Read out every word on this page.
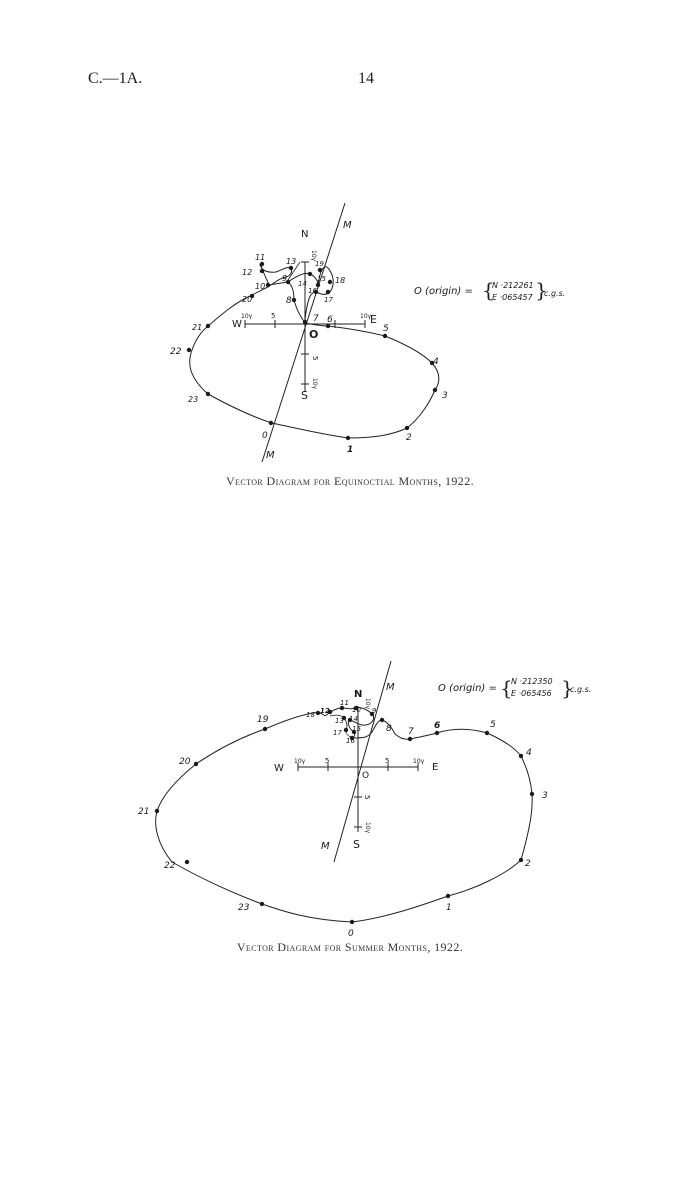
C.—1A.	14
M
M
N
S
E
W
O
10γ	5	10γ
5
10γ
10γ
O (origin) = {
N ·212261
E ·065457 }
c.g.s.
0
1
2
3
4
5
6
7
8
9
10
11
12
13
14
15
16
17
18
19
20
21
22
23
M
M
N
S
E
W
O
10γ	5	5	10γ
5
10γ
10γ
O (origin) = {
N ·212350
E ·065456 }
c.g.s.
0
1
2
3
4
5
6
7
8
9
10
11
12
13 14
15
16
17
18
19
20
21
22
23
Vector Diagram for Equinoctial Months, 1922.
Vector Diagram for Summer Months, 1922.
